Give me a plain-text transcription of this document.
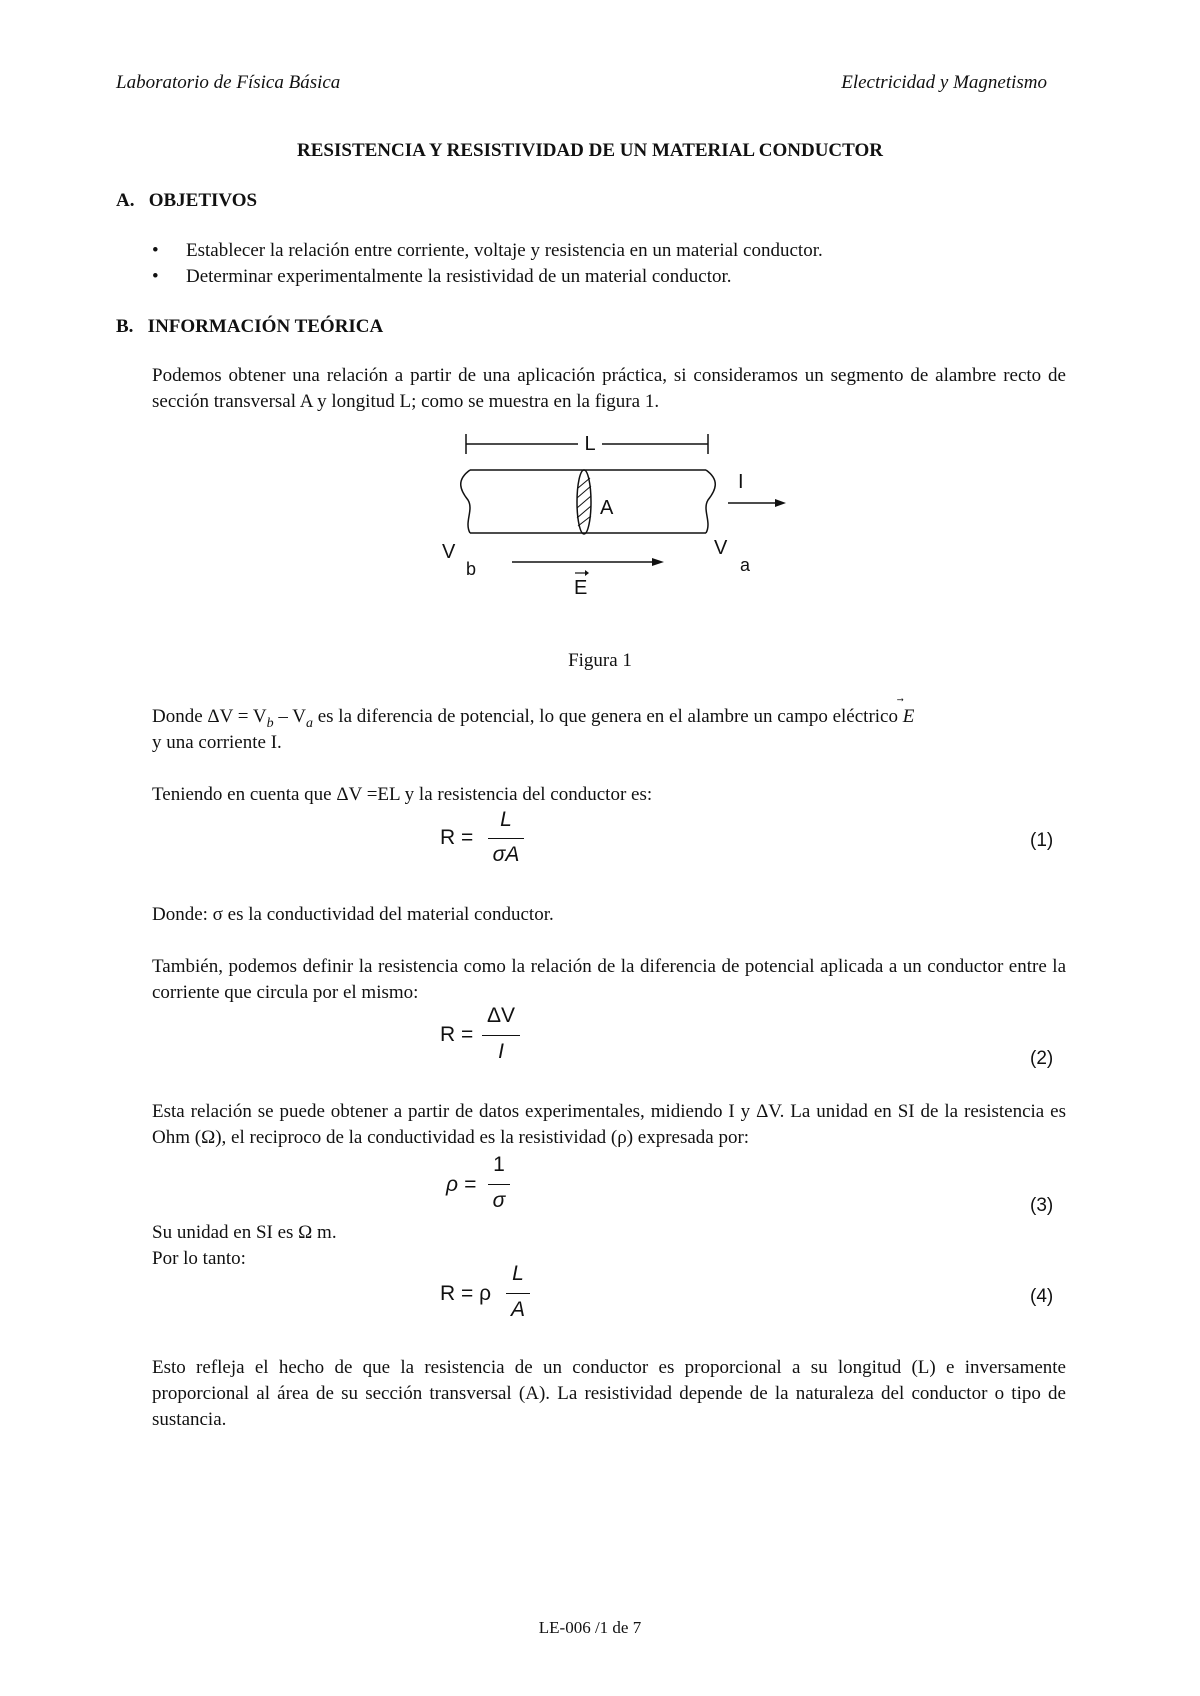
Laboratorio de Física Básica	Electricidad y Magnetismo
RESISTENCIA Y RESISTIVIDAD DE UN MATERIAL CONDUCTOR
A.   OBJETIVOS
• Establecer la relación entre corriente, voltaje y resistencia en un material conductor.
• Determinar experimentalmente la resistividad de un material conductor.
B.   INFORMACIÓN TEÓRICA
Podemos obtener una relación a partir de una aplicación práctica, si consideramos un segmento de alambre recto de sección transversal A y longitud L; como se muestra en la figura 1.
L
A
I
V
b
V
a
E
Figura 1
Donde $\Delta V = V_b - V_a$ es la diferencia de potencial, lo que genera en el alambre un campo eléctrico E
y una corriente I.
Teniendo en cuenta que ΔV =EL y la resistencia del conductor es:
R =
L
σA
(1)
Donde: σ es la conductividad del material conductor.
También, podemos definir la resistencia como la relación de la diferencia de potencial aplicada a un conductor entre la corriente que circula por el mismo:
R =
ΔV
I	(2)
Esta relación se puede obtener a partir de datos experimentales, midiendo I y ΔV. La unidad en SI de la resistencia es Ohm (Ω), el reciproco de la conductividad es la resistividad (ρ) expresada por:
ρ =
1
σ	(3)
Su unidad en SI es Ω m.
Por lo tanto:
R = ρ
L
A
(4)
Esto refleja el hecho de que la resistencia de un conductor es proporcional a su longitud (L) e inversamente proporcional al área de su sección transversal (A). La resistividad depende de la naturaleza del conductor o tipo de sustancia.
LE-006 /1 de 7
